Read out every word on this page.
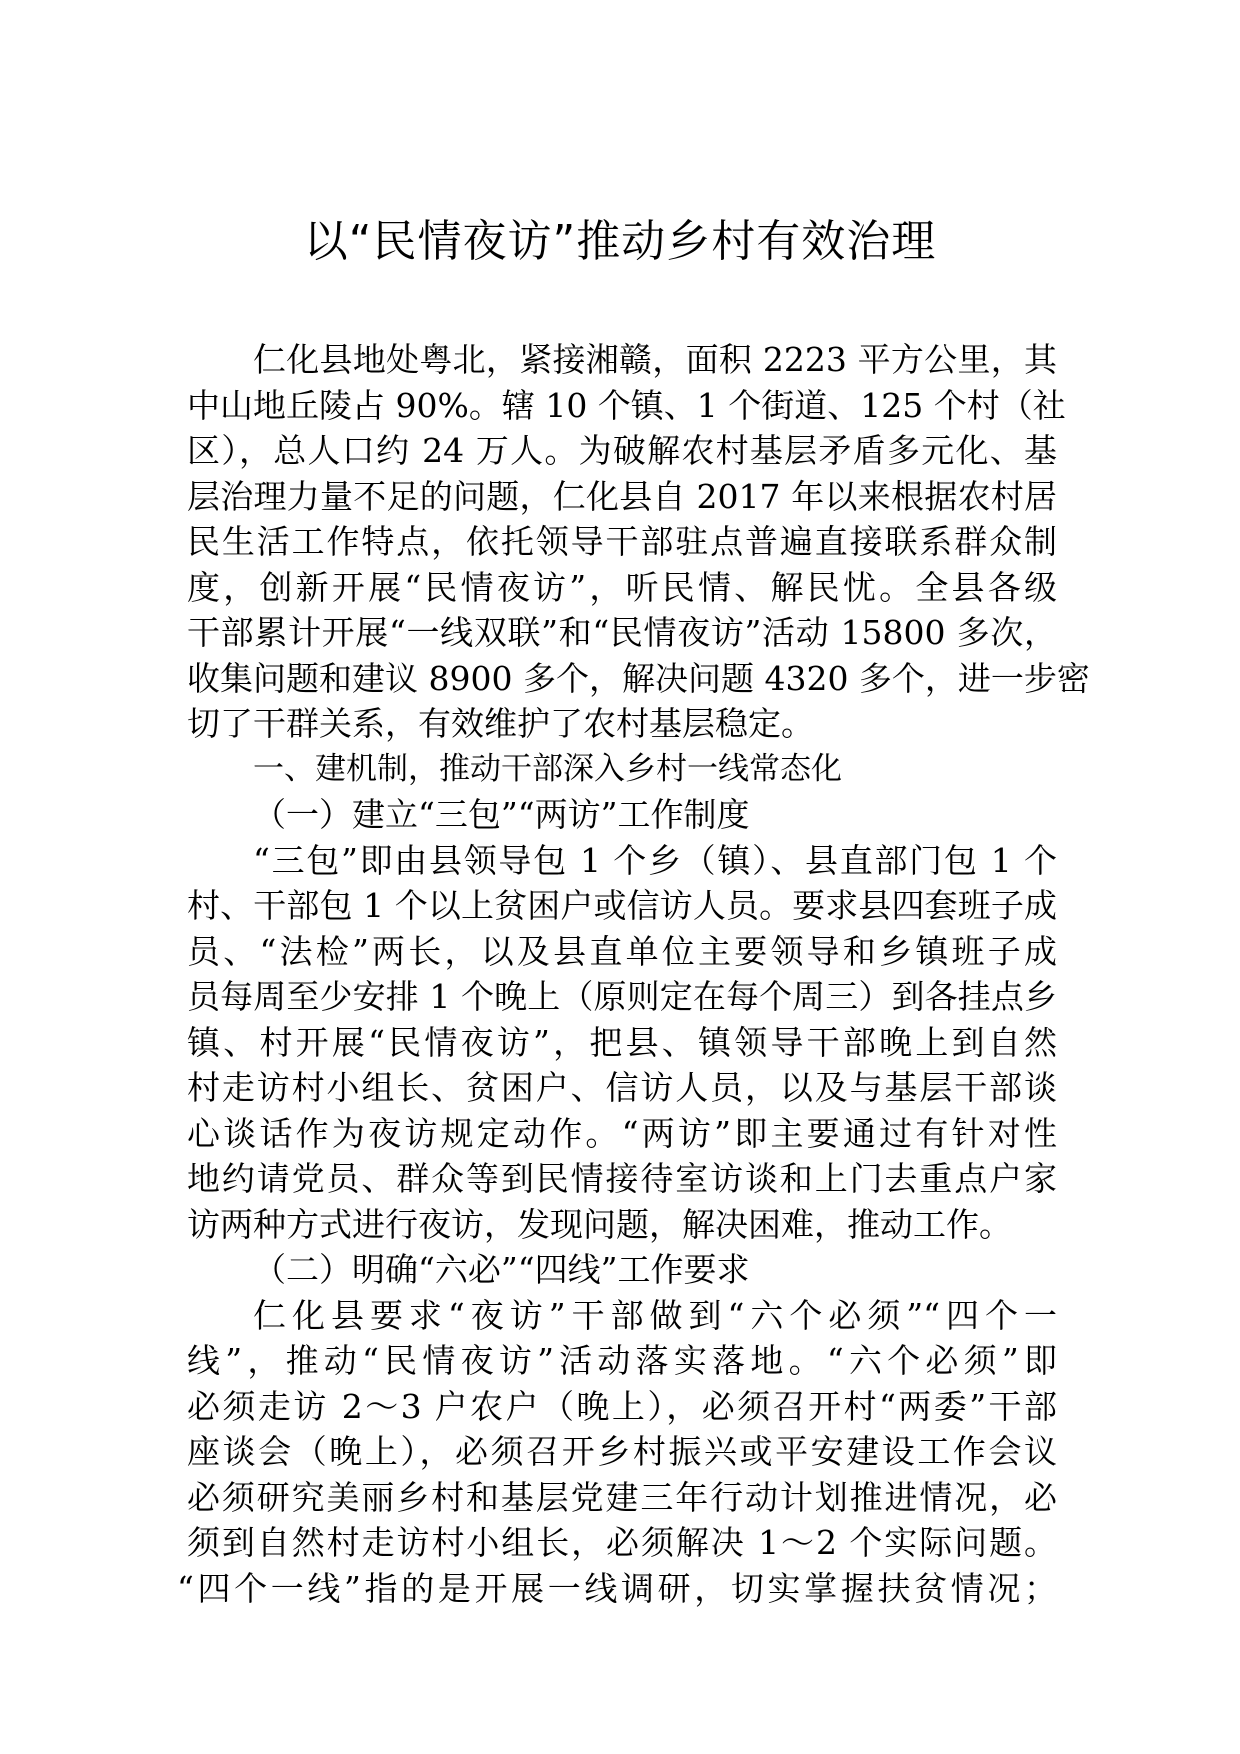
以“民情夜访”推动乡村有效治理
仁化县地处粤北，紧接湘赣，面积 2223 平方公里，其
中山地丘陵占 90%。辖 10 个镇、1 个街道、125 个村（社
区），总人口约 24 万人。为破解农村基层矛盾多元化、基
层治理力量不足的问题，仁化县自 2017 年以来根据农村居
民生活工作特点，依托领导干部驻点普遍直接联系群众制
度，创新开展“民情夜访”，听民情、解民忧。全县各级
干部累计开展“一线双联”和“民情夜访”活动 15800 多次，
收集问题和建议 8900 多个，解决问题 4320 多个，进一步密
切了干群关系，有效维护了农村基层稳定。
一、建机制，推动干部深入乡村一线常态化
（一）建立“三包”“两访”工作制度
“三包”即由县领导包 1 个乡（镇）、县直部门包 1 个
村、干部包 1 个以上贫困户或信访人员。要求县四套班子成
员、“法检”两长，以及县直单位主要领导和乡镇班子成
员每周至少安排 1 个晚上（原则定在每个周三）到各挂点乡
镇、村开展“民情夜访”，把县、镇领导干部晚上到自然
村走访村小组长、贫困户、信访人员，以及与基层干部谈
心谈话作为夜访规定动作。“两访”即主要通过有针对性
地约请党员、群众等到民情接待室访谈和上门去重点户家
访两种方式进行夜访，发现问题，解决困难，推动工作。
（二）明确“六必”“四线”工作要求
仁化县要求“夜访”干部做到“六个必须”“四个一
线”，推动“民情夜访”活动落实落地。“六个必须”即
必须走访 2～3 户农户（晚上），必须召开村“两委”干部
座谈会（晚上），必须召开乡村振兴或平安建设工作会议
必须研究美丽乡村和基层党建三年行动计划推进情况，必
须到自然村走访村小组长，必须解决 1～2 个实际问题。
“四个一线”指的是开展一线调研，切实掌握扶贫情况；
